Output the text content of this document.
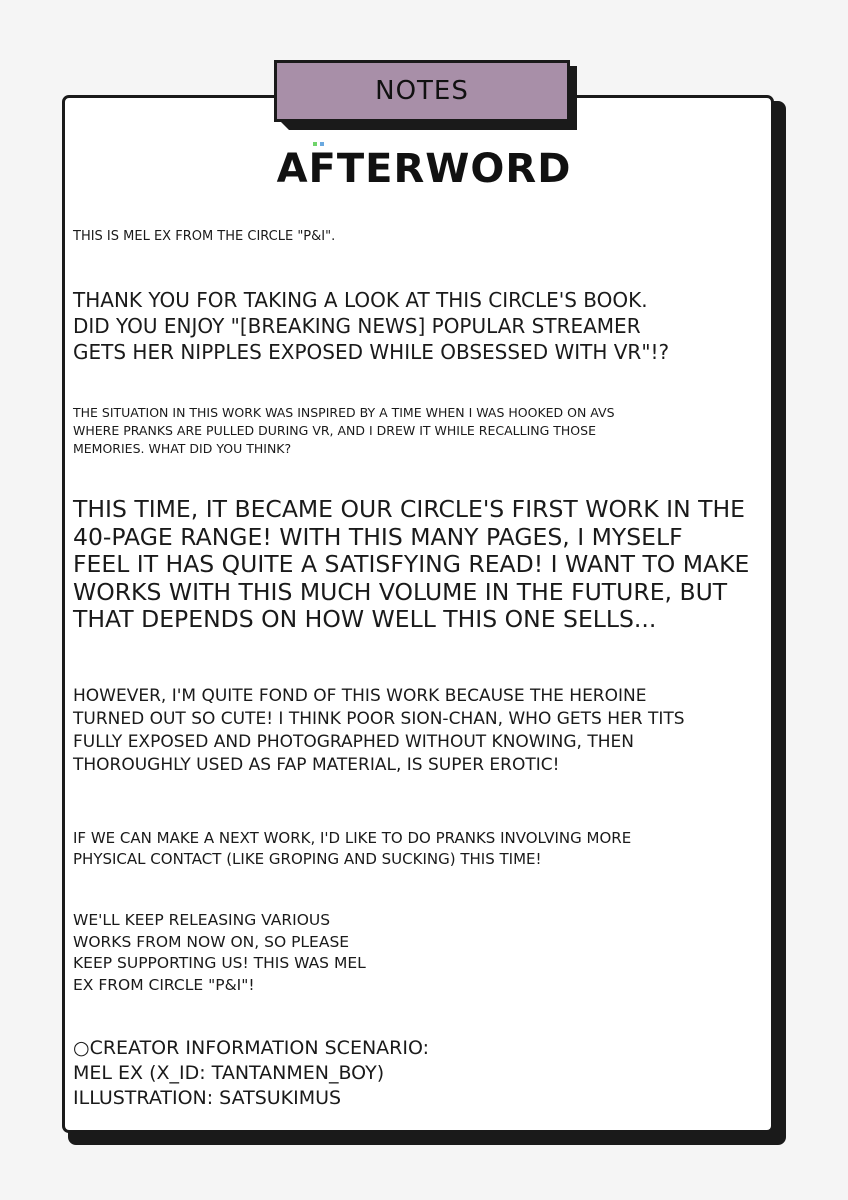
NOTES
AFTERWORD

THIS IS MEL EX FROM THE CIRCLE "P&I".

THANK YOU FOR TAKING A LOOK AT THIS CIRCLE'S BOOK.
DID YOU ENJOY "[BREAKING NEWS] POPULAR STREAMER
GETS HER NIPPLES EXPOSED WHILE OBSESSED WITH VR"!?

THE SITUATION IN THIS WORK WAS INSPIRED BY A TIME WHEN I WAS HOOKED ON AVS
WHERE PRANKS ARE PULLED DURING VR, AND I DREW IT WHILE RECALLING THOSE
MEMORIES. WHAT DID YOU THINK?

THIS TIME, IT BECAME OUR CIRCLE'S FIRST WORK IN THE
40-PAGE RANGE! WITH THIS MANY PAGES, I MYSELF
FEEL IT HAS QUITE A SATISFYING READ! I WANT TO MAKE
WORKS WITH THIS MUCH VOLUME IN THE FUTURE, BUT
THAT DEPENDS ON HOW WELL THIS ONE SELLS...

HOWEVER, I'M QUITE FOND OF THIS WORK BECAUSE THE HEROINE
TURNED OUT SO CUTE! I THINK POOR SION-CHAN, WHO GETS HER TITS
FULLY EXPOSED AND PHOTOGRAPHED WITHOUT KNOWING, THEN
THOROUGHLY USED AS FAP MATERIAL, IS SUPER EROTIC!

IF WE CAN MAKE A NEXT WORK, I'D LIKE TO DO PRANKS INVOLVING MORE
PHYSICAL CONTACT (LIKE GROPING AND SUCKING) THIS TIME!

WE'LL KEEP RELEASING VARIOUS
WORKS FROM NOW ON, SO PLEASE
KEEP SUPPORTING US! THIS WAS MEL
EX FROM CIRCLE "P&I"!

○CREATOR INFORMATION SCENARIO:
MEL EX (X_ID: TANTANMEN_BOY)
ILLUSTRATION: SATSUKIMUS
